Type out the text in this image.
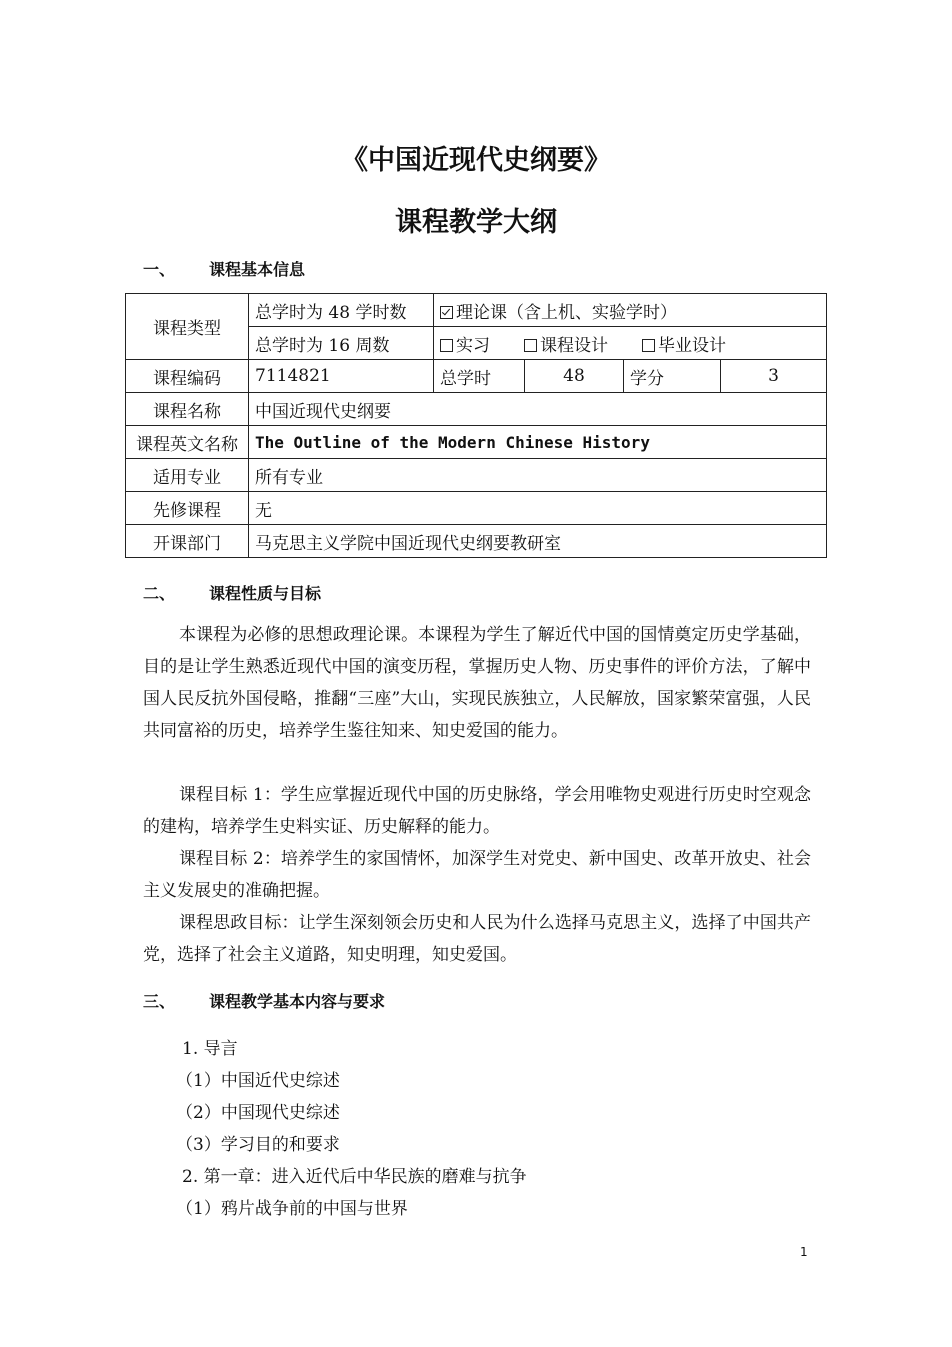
《中国近现代史纲要》
课程教学大纲
一、 课程基本信息
课程类型	总学时为 48 学时数	理论课（含上机、实验学时）			
	总学时为 16 周数	实习 课程设计 毕业设计			
课程编码	7114821	总学时	48	学分	3
课程名称	中国近现代史纲要				
课程英文名称	The Outline of the Modern Chinese History				
适用专业	所有专业				
先修课程	无				
开课部门	马克思主义学院中国近现代史纲要教研室				
二、 课程性质与目标

本课程为必修的思想政理论课。本课程为学生了解近代中国的国情奠定历史学基础，目的是让学生熟悉近现代中国的演变历程，掌握历史人物、历史事件的评价方法，了解中国人民反抗外国侵略，推翻“三座”大山，实现民族独立，人民解放，国家繁荣富强，人民共同富裕的历史，培养学生鉴往知来、知史爱国的能力。

课程目标 1：学生应掌握近现代中国的历史脉络，学会用唯物史观进行历史时空观念的建构，培养学生史料实证、历史解释的能力。

课程目标 2：培养学生的家国情怀，加深学生对党史、新中国史、改革开放史、社会主义发展史的准确把握。

课程思政目标：让学生深刻领会历史和人民为什么选择马克思主义，选择了中国共产党，选择了社会主义道路，知史明理，知史爱国。

三、 课程教学基本内容与要求
1. 导言
（1）中国近代史综述
（2）中国现代史综述
（3）学习目的和要求
2. 第一章：进入近代后中华民族的磨难与抗争
（1）鸦片战争前的中国与世界
1
